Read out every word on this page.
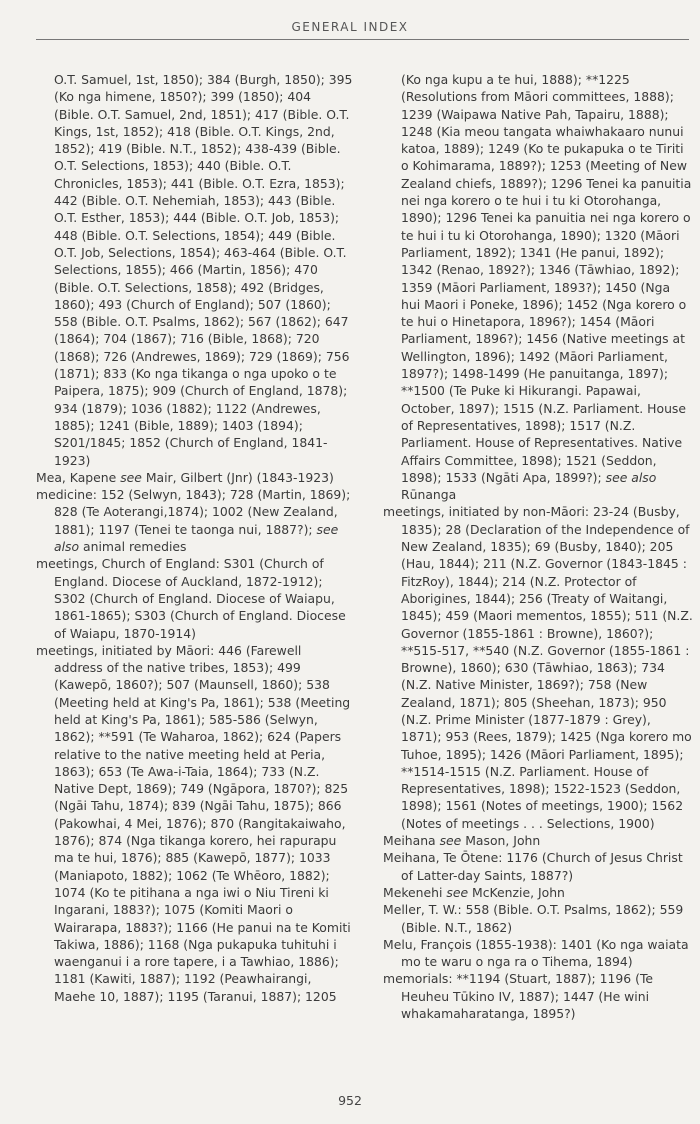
GENERAL INDEX

O.T. Samuel, 1st, 1850); 384 (Burgh, 1850); 395 (Ko nga himene, 1850?); 399 (1850); 404 (Bible. O.T. Samuel, 2nd, 1851); 417 (Bible. O.T. Kings, 1st, 1852); 418 (Bible. O.T. Kings, 2nd, 1852); 419 (Bible. N.T., 1852); 438-439 (Bible. O.T. Selections, 1853); 440 (Bible. O.T. Chronicles, 1853); 441 (Bible. O.T. Ezra, 1853); 442 (Bible. O.T. Nehemiah, 1853); 443 (Bible. O.T. Esther, 1853); 444 (Bible. O.T. Job, 1853); 448 (Bible. O.T. Selections, 1854); 449 (Bible. O.T. Job, Selections, 1854); 463-464 (Bible. O.T. Selections, 1855); 466 (Martin, 1856); 470 (Bible. O.T. Selections, 1858); 492 (Bridges, 1860); 493 (Church of England); 507 (1860); 558 (Bible. O.T. Psalms, 1862); 567 (1862); 647 (1864); 704 (1867); 716 (Bible, 1868); 720 (1868); 726 (Andrewes, 1869); 729 (1869); 756 (1871); 833 (Ko nga tikanga o nga upoko o te Paipera, 1875); 909 (Church of England, 1878); 934 (1879); 1036 (1882); 1122 (Andrewes, 1885); 1241 (Bible, 1889); 1403 (1894); S201/1845; 1852 (Church of England, 1841-1923)

Mea, Kapene see Mair, Gilbert (Jnr) (1843-1923)

medicine: 152 (Selwyn, 1843); 728 (Martin, 1869); 828 (Te Aoterangi,1874); 1002 (New Zealand, 1881); 1197 (Tenei te taonga nui, 1887?); see also animal remedies

meetings, Church of England: S301 (Church of England. Diocese of Auckland, 1872-1912); S302 (Church of England. Diocese of Waiapu, 1861-1865); S303 (Church of England. Diocese of Waiapu, 1870-1914)

meetings, initiated by Māori: 446 (Farewell address of the native tribes, 1853); 499 (Kawepō, 1860?); 507 (Maunsell, 1860); 538 (Meeting held at King's Pa, 1861); 538 (Meeting held at King's Pa, 1861); 585-586 (Selwyn, 1862); **591 (Te Waharoa, 1862); 624 (Papers relative to the native meeting held at Peria, 1863); 653 (Te Awa-i-Taia, 1864); 733 (N.Z. Native Dept, 1869); 749 (Ngāpora, 1870?); 825 (Ngāi Tahu, 1874); 839 (Ngāi Tahu, 1875); 866 (Pakowhai, 4 Mei, 1876); 870 (Rangitakaiwaho, 1876); 874 (Nga tikanga korero, hei rapurapu ma te hui, 1876); 885 (Kawepō, 1877); 1033 (Maniapoto, 1882); 1062 (Te Whēoro, 1882); 1074 (Ko te pitihana a nga iwi o Niu Tireni ki Ingarani, 1883?); 1075 (Komiti Maori o Wairarapa, 1883?); 1166 (He panui na te Komiti Takiwa, 1886); 1168 (Nga pukapuka tuhituhi i waenganui i a rore tapere, i a Tawhiao, 1886); 1181 (Kawiti, 1887); 1192 (Peawhairangi, Maehe 10, 1887); 1195 (Taranui, 1887); 1205

(Ko nga kupu a te hui, 1888); **1225 (Resolutions from Māori committees, 1888); 1239 (Waipawa Native Pah, Tapairu, 1888); 1248 (Kia meou tangata whaiwhakaaro nunui katoa, 1889); 1249 (Ko te pukapuka o te Tiriti o Kohimarama, 1889?); 1253 (Meeting of New Zealand chiefs, 1889?); 1296 Tenei ka panuitia nei nga korero o te hui i tu ki Otorohanga, 1890); 1296 Tenei ka panuitia nei nga korero o te hui i tu ki Otorohanga, 1890); 1320 (Māori Parliament, 1892); 1341 (He panui, 1892); 1342 (Renao, 1892?); 1346 (Tāwhiao, 1892); 1359 (Māori Parliament, 1893?); 1450 (Nga hui Maori i Poneke, 1896); 1452 (Nga korero o te hui o Hinetapora, 1896?); 1454 (Māori Parliament, 1896?); 1456 (Native meetings at Wellington, 1896); 1492 (Māori Parliament, 1897?); 1498-1499 (He panuitanga, 1897); **1500 (Te Puke ki Hikurangi. Papawai, October, 1897); 1515 (N.Z. Parliament. House of Representatives, 1898); 1517 (N.Z. Parliament. House of Representatives. Native Affairs Committee, 1898); 1521 (Seddon, 1898); 1533 (Ngāti Apa, 1899?); see also Rūnanga

meetings, initiated by non-Māori: 23-24 (Busby, 1835); 28 (Declaration of the Independence of New Zealand, 1835); 69 (Busby, 1840); 205 (Hau, 1844); 211 (N.Z. Governor (1843-1845 : FitzRoy), 1844); 214 (N.Z. Protector of Aborigines, 1844); 256 (Treaty of Waitangi, 1845); 459 (Maori mementos, 1855); 511 (N.Z. Governor (1855-1861 : Browne), 1860?); **515-517, **540 (N.Z. Governor (1855-1861 : Browne), 1860); 630 (Tāwhiao, 1863); 734 (N.Z. Native Minister, 1869?); 758 (New Zealand, 1871); 805 (Sheehan, 1873); 950 (N.Z. Prime Minister (1877-1879 : Grey), 1871); 953 (Rees, 1879); 1425 (Nga korero mo Tuhoe, 1895); 1426 (Māori Parliament, 1895); **1514-1515 (N.Z. Parliament. House of Representatives, 1898); 1522-1523 (Seddon, 1898); 1561 (Notes of meetings, 1900); 1562 (Notes of meetings . . . Selections, 1900)

Meihana see Mason, John

Meihana, Te Ōtene: 1176 (Church of Jesus Christ of Latter-day Saints, 1887?)

Mekenehi see McKenzie, John

Meller, T. W.: 558 (Bible. O.T. Psalms, 1862); 559 (Bible. N.T., 1862)

Melu, François (1855-1938): 1401 (Ko nga waiata mo te waru o nga ra o Tihema, 1894)

memorials: **1194 (Stuart, 1887); 1196 (Te Heuheu Tūkino IV, 1887); 1447 (He wini whakamaharatanga, 1895?)

952
